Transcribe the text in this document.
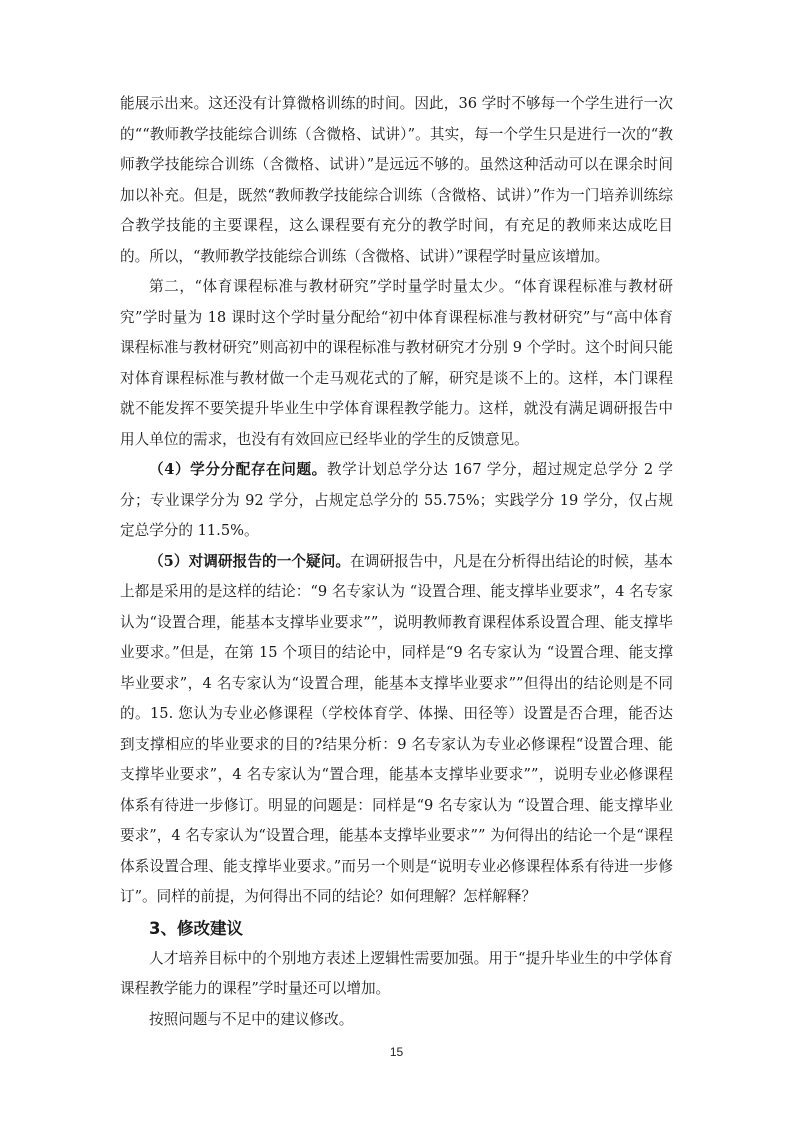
能展示出来。这还没有计算微格训练的时间。因此，36 学时不够每一个学生进行一次的““教师教学技能综合训练（含微格、试讲）”。其实，每一个学生只是进行一次的“教师教学技能综合训练（含微格、试讲）”是远远不够的。虽然这种活动可以在课余时间加以补充。但是，既然“教师教学技能综合训练（含微格、试讲）”作为一门培养训练综合教学技能的主要课程，这么课程要有充分的教学时间，有充足的教师来达成吃目的。所以，“教师教学技能综合训练（含微格、试讲）”课程学时量应该增加。

第二，“体育课程标准与教材研究”学时量学时量太少。“体育课程标准与教材研究”学时量为 18 课时这个学时量分配给“初中体育课程标准与教材研究”与“高中体育课程标准与教材研究”则高初中的课程标准与教材研究才分别 9 个学时。这个时间只能对体育课程标准与教材做一个走马观花式的了解，研究是谈不上的。这样，本门课程就不能发挥不要笑提升毕业生中学体育课程教学能力。这样，就没有满足调研报告中用人单位的需求，也没有有效回应已经毕业的学生的反馈意见。

（4）学分分配存在问题。教学计划总学分达 167 学分，超过规定总学分 2 学分；专业课学分为 92 学分，占规定总学分的 55.75%；实践学分 19 学分，仅占规定总学分的 11.5%。

（5）对调研报告的一个疑问。在调研报告中，凡是在分析得出结论的时候，基本上都是采用的是这样的结论：“9 名专家认为 “设置合理、能支撑毕业要求”，4 名专家认为“设置合理，能基本支撑毕业要求””，说明教师教育课程体系设置合理、能支撑毕业要求。”但是，在第 15 个项目的结论中，同样是“9 名专家认为 “设置合理、能支撑毕业要求”，4 名专家认为“设置合理，能基本支撑毕业要求””但得出的结论则是不同的。15. 您认为专业必修课程（学校体育学、体操、田径等）设置是否合理，能否达到支撑相应的毕业要求的目的?结果分析：9 名专家认为专业必修课程“设置合理、能支撑毕业要求”，4 名专家认为“置合理，能基本支撑毕业要求””，说明专业必修课程体系有待进一步修订。明显的问题是：同样是“9 名专家认为 “设置合理、能支撑毕业要求”，4 名专家认为“设置合理，能基本支撑毕业要求”” 为何得出的结论一个是“课程体系设置合理、能支撑毕业要求。”而另一个则是“说明专业必修课程体系有待进一步修订”。同样的前提，为何得出不同的结论？如何理解？怎样解释？

3、修改建议

人才培养目标中的个别地方表述上逻辑性需要加强。用于“提升毕业生的中学体育课程教学能力的课程”学时量还可以增加。

按照问题与不足中的建议修改。

15
